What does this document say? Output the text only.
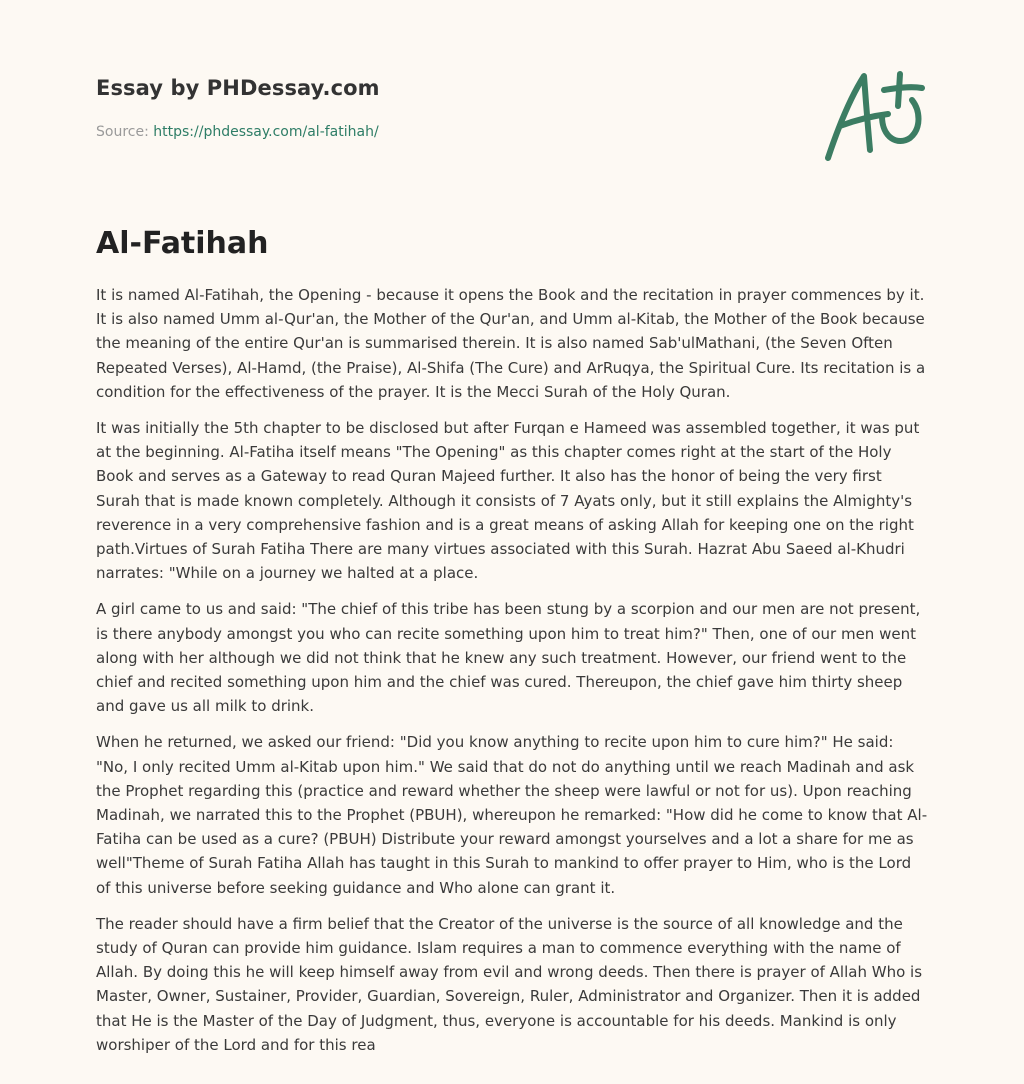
Essay by PHDessay.com
Source: https://phdessay.com/al-fatihah/
Al-Fatihah

It is named Al-Fatihah, the Opening - because it opens the Book and the recitation in prayer commences by it. It is also named Umm al-Qur'an, the Mother of the Qur'an, and Umm al-Kitab, the Mother of the Book because the meaning of the entire Qur'an is summarised therein. It is also named Sab'ulMathani, (the Seven Often Repeated Verses), Al-Hamd, (the Praise), Al-Shifa (The Cure) and ArRuqya, the Spiritual Cure. Its recitation is a condition for the effectiveness of the prayer. It is the Mecci Surah of the Holy Quran.

It was initially the 5th chapter to be disclosed but after Furqan e Hameed was assembled together, it was put at the beginning. Al-Fatiha itself means "The Opening" as this chapter comes right at the start of the Holy Book and serves as a Gateway to read Quran Majeed further. It also has the honor of being the very first Surah that is made known completely. Although it consists of 7 Ayats only, but it still explains the Almighty's reverence in a very comprehensive fashion and is a great means of asking Allah for keeping one on the right path.Virtues of Surah Fatiha There are many virtues associated with this Surah. Hazrat Abu Saeed al-Khudri narrates: "While on a journey we halted at a place.

A girl came to us and said: "The chief of this tribe has been stung by a scorpion and our men are not present, is there anybody amongst you who can recite something upon him to treat him?" Then, one of our men went along with her although we did not think that he knew any such treatment. However, our friend went to the chief and recited something upon him and the chief was cured. Thereupon, the chief gave him thirty sheep and gave us all milk to drink.

When he returned, we asked our friend: "Did you know anything to recite upon him to cure him?" He said: "No, I only recited Umm al-Kitab upon him." We said that do not do anything until we reach Madinah and ask the Prophet regarding this (practice and reward whether the sheep were lawful or not for us). Upon reaching Madinah, we narrated this to the Prophet (PBUH), whereupon he remarked: "How did he come to know that Al-Fatiha can be used as a cure? (PBUH) Distribute your reward amongst yourselves and a lot a share for me as well"Theme of Surah Fatiha Allah has taught in this Surah to mankind to offer prayer to Him, who is the Lord of this universe before seeking guidance and Who alone can grant it.

The reader should have a firm belief that the Creator of the universe is the source of all knowledge and the study of Quran can provide him guidance. Islam requires a man to commence everything with the name of Allah. By doing this he will keep himself away from evil and wrong deeds. Then there is prayer of Allah Who is Master, Owner, Sustainer, Provider, Guardian, Sovereign, Ruler, Administrator and Organizer. Then it is added that He is the Master of the Day of Judgment, thus, everyone is accountable for his deeds. Mankind is only worshiper of the Lord and for this rea
